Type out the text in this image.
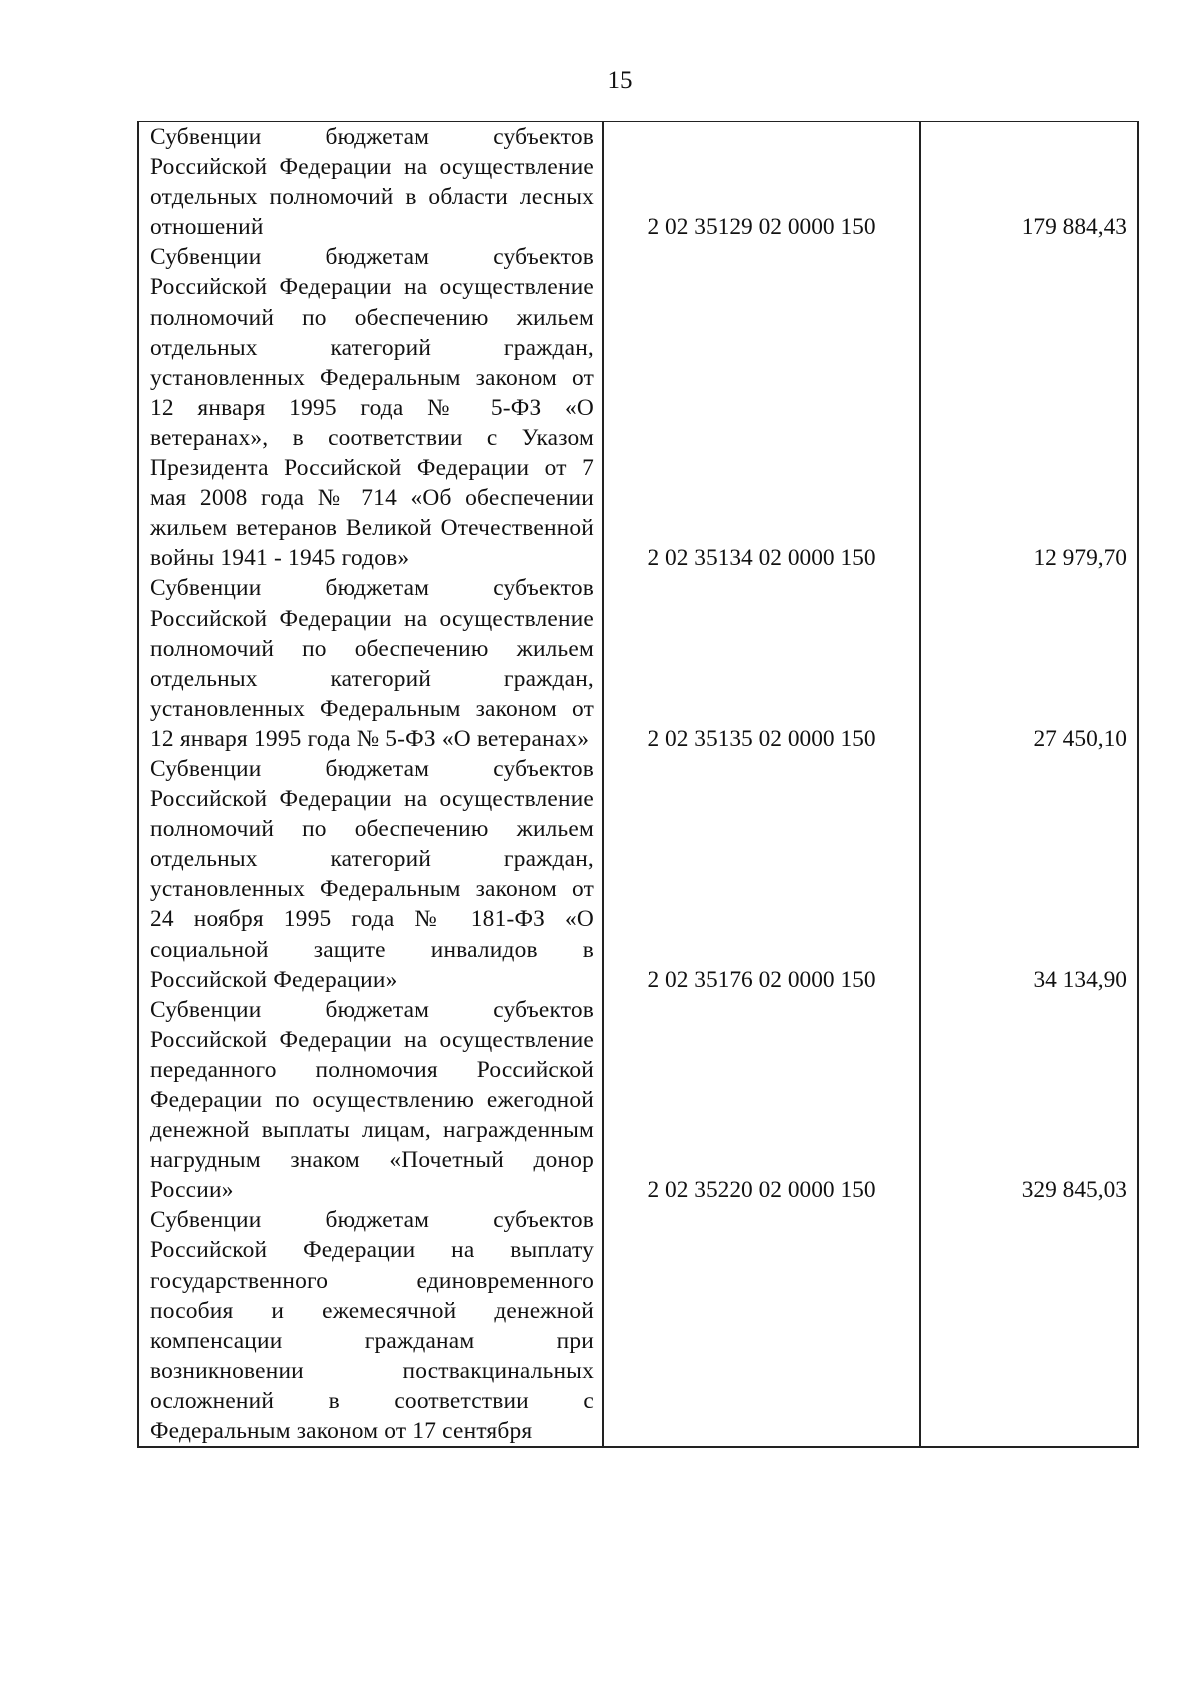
15
Субвенции бюджетам субъектов Российской Федерации на осуществление отдельных полномочий в области лесных отношений	2 02 35129 02 0000 150	179 884,43
Субвенции бюджетам субъектов Российской Федерации на осуществление полномочий по обеспечению жильем отдельных категорий граждан, установленных Федеральным законом от 12 января 1995 года № 5-ФЗ «О ветеранах», в соответствии с Указом Президента Российской Федерации от 7 мая 2008 года № 714 «Об обеспечении жильем ветеранов Великой Отечественной войны 1941 - 1945 годов»	2 02 35134 02 0000 150	12 979,70
Субвенции бюджетам субъектов Российской Федерации на осуществление полномочий по обеспечению жильем отдельных категорий граждан, установленных Федеральным законом от 12 января 1995 года № 5-ФЗ «О ветеранах»	2 02 35135 02 0000 150	27 450,10
Субвенции бюджетам субъектов Российской Федерации на осуществление полномочий по обеспечению жильем отдельных категорий граждан, установленных Федеральным законом от 24 ноября 1995 года № 181-ФЗ «О социальной защите инвалидов в Российской Федерации»	2 02 35176 02 0000 150	34 134,90
Субвенции бюджетам субъектов Российской Федерации на осуществление переданного полномочия Российской Федерации по осуществлению ежегодной денежной выплаты лицам, награжденным нагрудным знаком «Почетный донор России»	2 02 35220 02 0000 150	329 845,03
Субвенции бюджетам субъектов Российской Федерации на выплату государственного единовременного пособия и ежемесячной денежной компенсации гражданам при возникновении поствакцинальных осложнений в соответствии с Федеральным законом от 17 сентября		
